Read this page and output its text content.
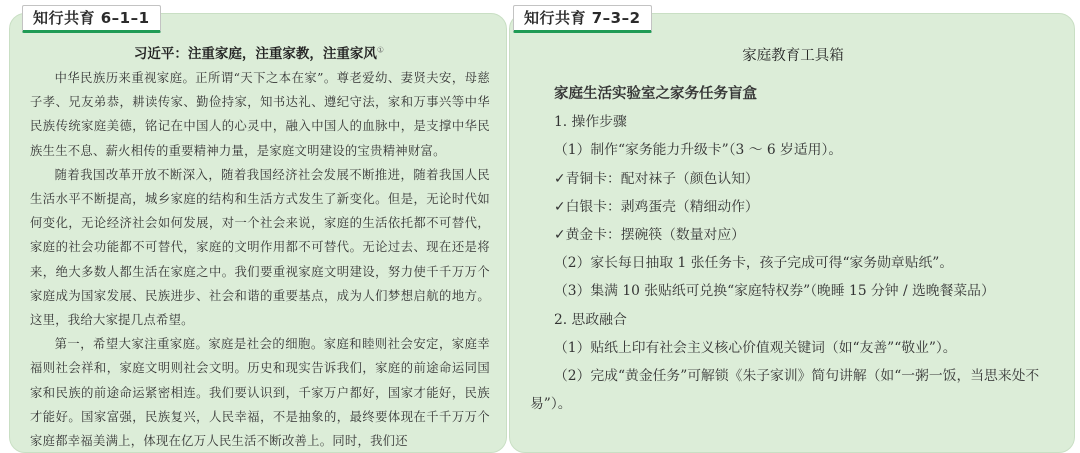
知行共育 6–1–1
习近平：注重家庭，注重家教，注重家风①

中华民族历来重视家庭。正所谓“天下之本在家”。尊老爱幼、妻贤夫安，母慈子孝、兄友弟恭，耕读传家、勤俭持家，知书达礼、遵纪守法，家和万事兴等中华民族传统家庭美德，铭记在中国人的心灵中，融入中国人的血脉中，是支撑中华民族生生不息、薪火相传的重要精神力量，是家庭文明建设的宝贵精神财富。

随着我国改革开放不断深入，随着我国经济社会发展不断推进，随着我国人民生活水平不断提高，城乡家庭的结构和生活方式发生了新变化。但是，无论时代如何变化，无论经济社会如何发展，对一个社会来说，家庭的生活依托都不可替代，家庭的社会功能都不可替代，家庭的文明作用都不可替代。无论过去、现在还是将来，绝大多数人都生活在家庭之中。我们要重视家庭文明建设，努力使千千万万个家庭成为国家发展、民族进步、社会和谐的重要基点，成为人们梦想启航的地方。这里，我给大家提几点希望。

第一，希望大家注重家庭。家庭是社会的细胞。家庭和睦则社会安定，家庭幸福则社会祥和，家庭文明则社会文明。历史和现实告诉我们，家庭的前途命运同国家和民族的前途命运紧密相连。我们要认识到，千家万户都好，国家才能好，民族才能好。国家富强，民族复兴，人民幸福，不是抽象的，最终要体现在千千万万个家庭都幸福美满上，体现在亿万人民生活不断改善上。同时，我们还

知行共育 7–3–2
家庭教育工具箱
家庭生活实验室之家务任务盲盒
1. 操作步骤
（1）制作“家务能力升级卡”（3 ～ 6 岁适用）。
✓青铜卡：配对袜子（颜色认知）
✓白银卡：剥鸡蛋壳（精细动作）
✓黄金卡：摆碗筷（数量对应）
（2）家长每日抽取 1 张任务卡，孩子完成可得“家务勋章贴纸”。
（3）集满 10 张贴纸可兑换“家庭特权券”（晚睡 15 分钟 / 选晚餐菜品）
2. 思政融合
（1）贴纸上印有社会主义核心价值观关键词（如“友善”“敬业”）。
（2）完成“黄金任务”可解锁《朱子家训》简句讲解（如“一粥一饭，当思来处不易”）。
